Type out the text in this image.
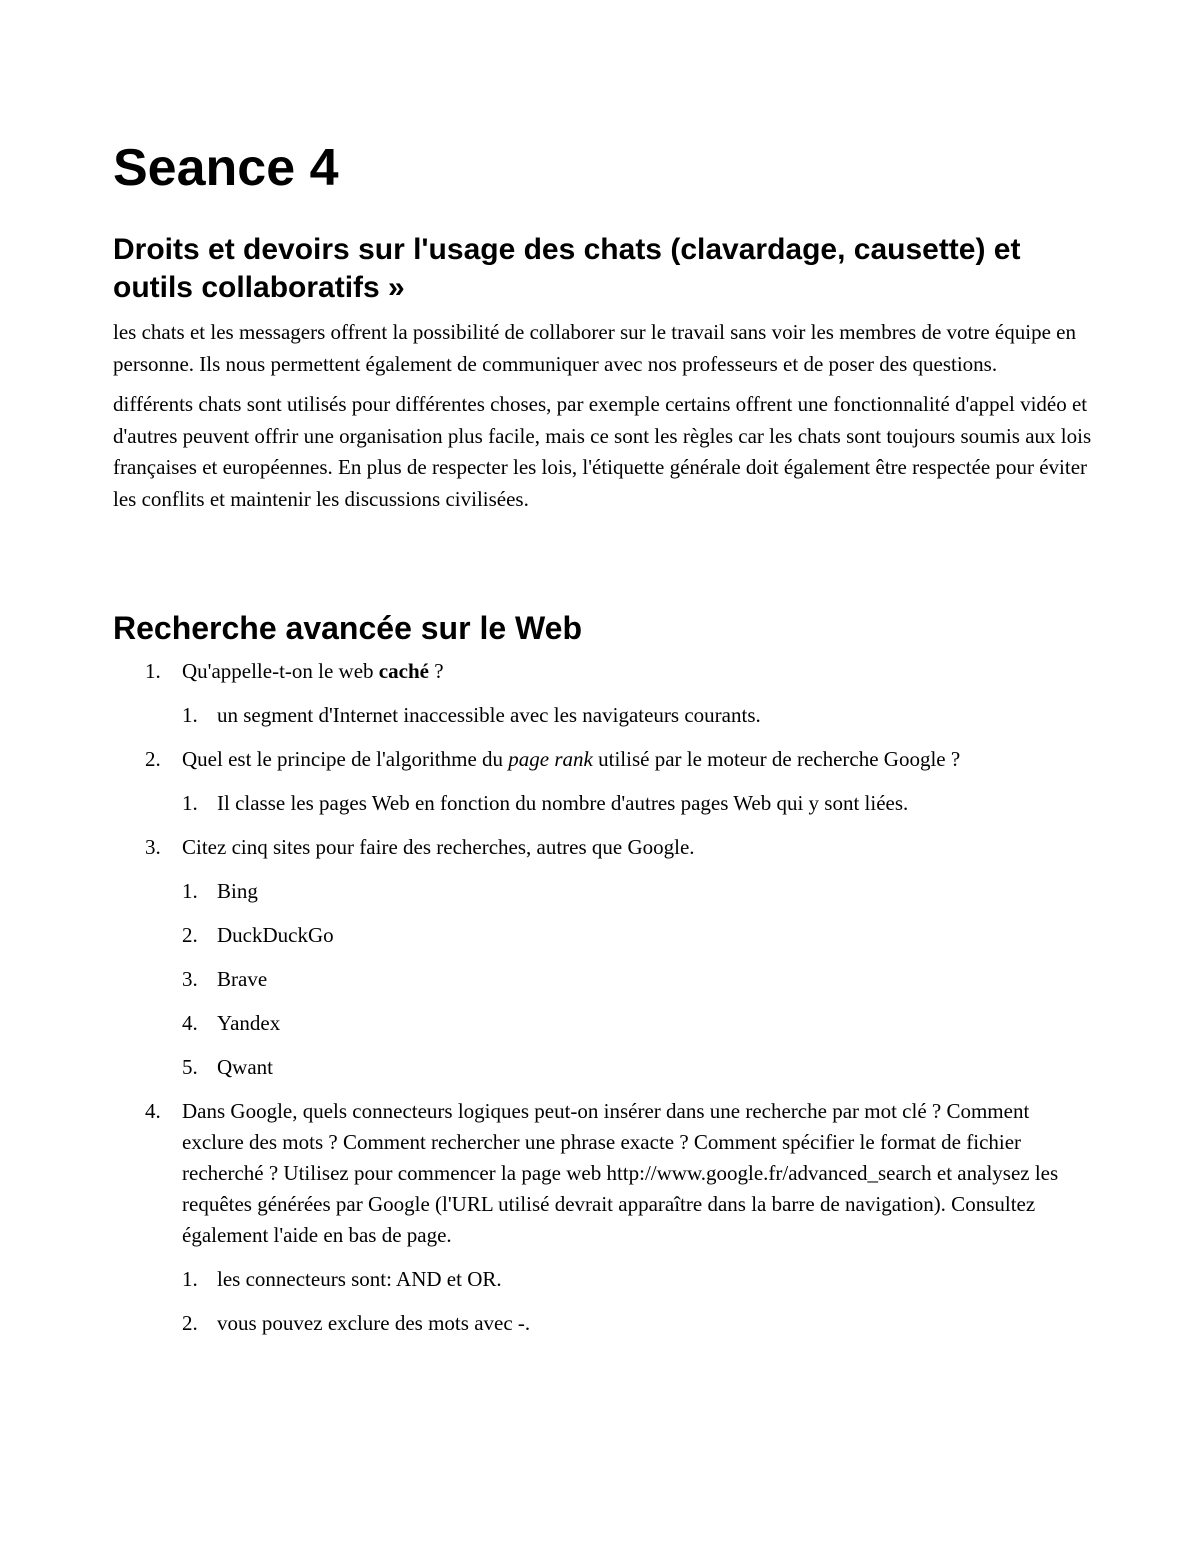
Seance 4
Droits et devoirs sur l'usage des chats (clavardage, causette) et outils collaboratifs »

les chats et les messagers offrent la possibilité de collaborer sur le travail sans voir les membres de votre équipe en personne. Ils nous permettent également de communiquer avec nos professeurs et de poser des questions.

différents chats sont utilisés pour différentes choses, par exemple certains offrent une fonctionnalité d'appel vidéo et d'autres peuvent offrir une organisation plus facile, mais ce sont les règles car les chats sont toujours soumis aux lois françaises et européennes. En plus de respecter les lois, l'étiquette générale doit également être respectée pour éviter les conflits et maintenir les discussions civilisées.

Recherche avancée sur le Web
1. Qu'appelle-t-on le web caché ?
1. un segment d'Internet inaccessible avec les navigateurs courants.
2. Quel est le principe de l'algorithme du page rank utilisé par le moteur de recherche Google ?
1. Il classe les pages Web en fonction du nombre d'autres pages Web qui y sont liées.
3. Citez cinq sites pour faire des recherches, autres que Google.
1. Bing
2. DuckDuckGo
3. Brave
4. Yandex
5. Qwant
4. Dans Google, quels connecteurs logiques peut-on insérer dans une recherche par mot clé ? Comment exclure des mots ? Comment rechercher une phrase exacte ? Comment spécifier le format de fichier recherché ? Utilisez pour commencer la page web http://www.google.fr/advanced_search et analysez les requêtes générées par Google (l'URL utilisé devrait apparaître dans la barre de navigation). Consultez également l'aide en bas de page.
1. les connecteurs sont: AND et OR.
2. vous pouvez exclure des mots avec -.
